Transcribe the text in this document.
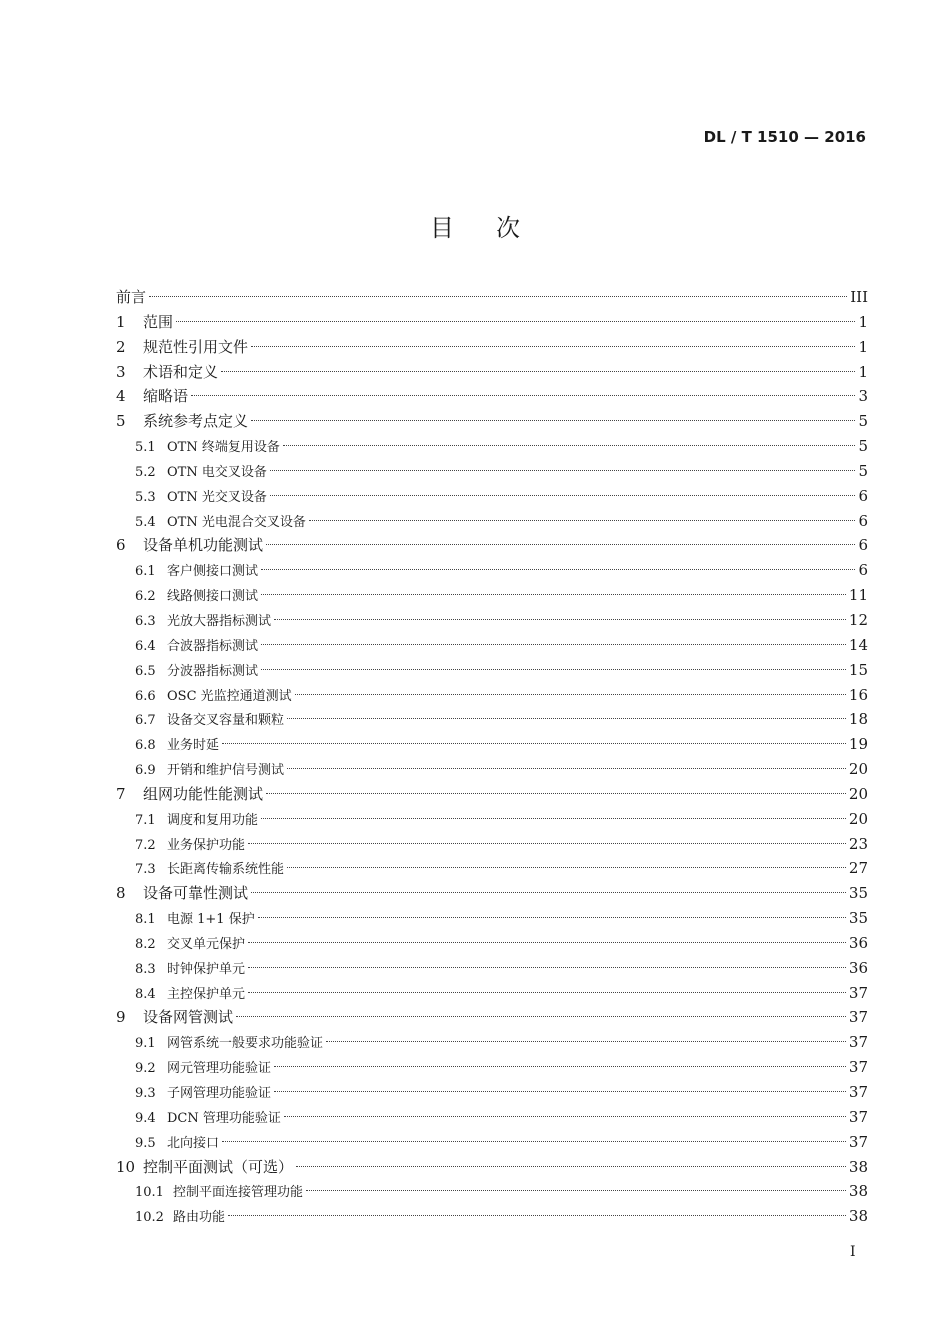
DL / T 1510 — 2016
目次
前言	III
1	范围	1
2	规范性引用文件	1
3	术语和定义	1
4	缩略语	3
5	系统参考点定义	5
5.1 OTN 终端复用设备	5
5.2 OTN 电交叉设备	5
5.3 OTN 光交叉设备	6
5.4 OTN 光电混合交叉设备	6
6	设备单机功能测试	6
6.1 客户侧接口测试	6
6.2 线路侧接口测试	11
6.3 光放大器指标测试	12
6.4 合波器指标测试	14
6.5 分波器指标测试	15
6.6 OSC 光监控通道测试	16
6.7 设备交叉容量和颗粒	18
6.8 业务时延	19
6.9 开销和维护信号测试	20
7	组网功能性能测试	20
7.1 调度和复用功能	20
7.2 业务保护功能	23
7.3 长距离传输系统性能	27
8	设备可靠性测试	35
8.1 电源 1+1 保护	35
8.2 交叉单元保护	36
8.3 时钟保护单元	36
8.4 主控保护单元	37
9	设备网管测试	37
9.1 网管系统一般要求功能验证	37
9.2 网元管理功能验证	37
9.3 子网管理功能验证	37
9.4 DCN 管理功能验证	37
9.5 北向接口	37
10 控制平面测试（可选）	38
10.1 控制平面连接管理功能	38
10.2 路由功能	38
I
